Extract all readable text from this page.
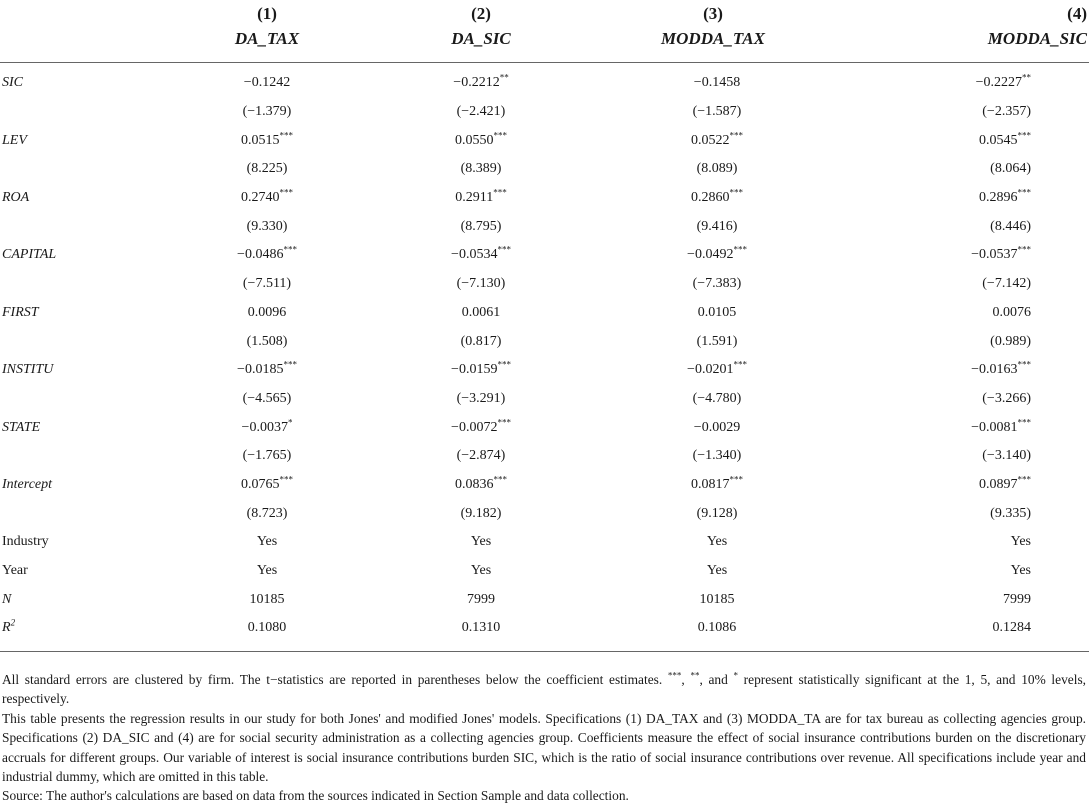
	(1)	(2)	(3)	(4)
	DA_TAX	DA_SIC	MODDA_TAX	MODDA_SIC
SIC	−0.1242	−0.2212**	−0.1458	−0.2227**
	(−1.379)	(−2.421)	(−1.587)	(−2.357)
LEV	0.0515***	0.0550***	0.0522***	0.0545***
	(8.225)	(8.389)	(8.089)	(8.064)
ROA	0.2740***	0.2911***	0.2860***	0.2896***
	(9.330)	(8.795)	(9.416)	(8.446)
CAPITAL	−0.0486***	−0.0534***	−0.0492***	−0.0537***
	(−7.511)	(−7.130)	(−7.383)	(−7.142)
FIRST	0.0096	0.0061	0.0105	0.0076
	(1.508)	(0.817)	(1.591)	(0.989)
INSTITU	−0.0185***	−0.0159***	−0.0201***	−0.0163***
	(−4.565)	(−3.291)	(−4.780)	(−3.266)
STATE	−0.0037*	−0.0072***	−0.0029	−0.0081***
	(−1.765)	(−2.874)	(−1.340)	(−3.140)
Intercept	0.0765***	0.0836***	0.0817***	0.0897***
	(8.723)	(9.182)	(9.128)	(9.335)
Industry	Yes	Yes	Yes	Yes
Year	Yes	Yes	Yes	Yes
N	10185	7999	10185	7999
$R^2$	0.1080	0.1310	0.1086	0.1284

All standard errors are clustered by firm. The t−statistics are reported in parentheses below the coefficient estimates. ***, **, and * represent statistically significant at the 1, 5, and 10% levels, respectively.

This table presents the regression results in our study for both Jones' and modified Jones' models. Specifications (1) DA_TAX and (3) MODDA_TA are for tax bureau as collecting agencies group. Specifications (2) DA_SIC and (4) are for social security administration as a collecting agencies group. Coefficients measure the effect of social insurance contributions burden on the discretionary accruals for different groups. Our variable of interest is social insurance contributions burden SIC, which is the ratio of social insurance contributions over revenue. All specifications include year and industrial dummy, which are omitted in this table.

Source: The author's calculations are based on data from the sources indicated in Section Sample and data collection.
